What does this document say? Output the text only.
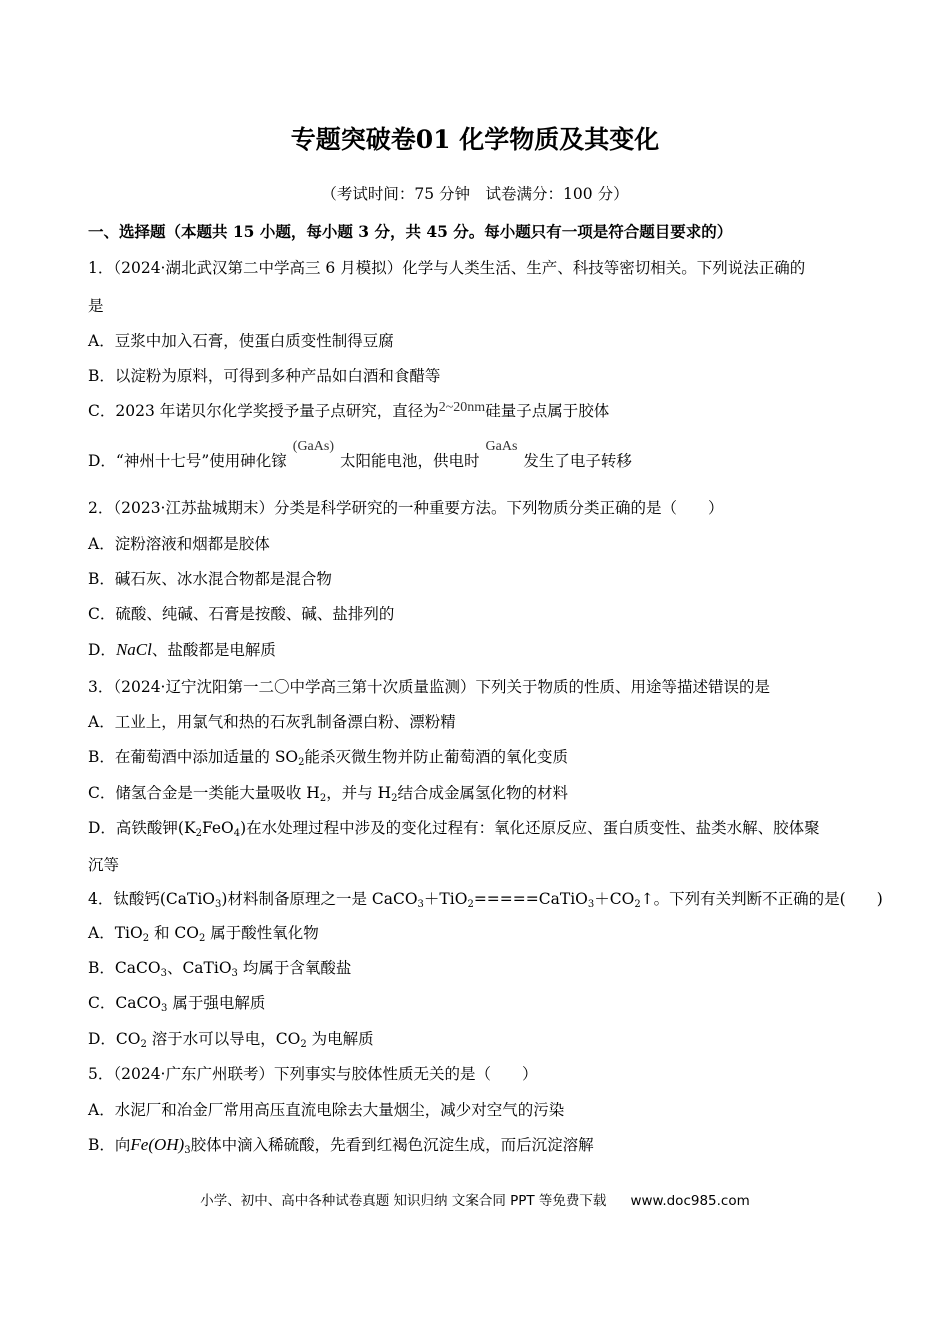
专题突破卷01 化学物质及其变化
（考试时间：75 分钟　试卷满分：100 分）
一、选择题（本题共 15 小题，每小题 3 分，共 45 分。每小题只有一项是符合题目要求的）
1．（2024·湖北武汉第二中学高三 6 月模拟）化学与人类生活、生产、科技等密切相关。下列说法正确的
是
A．豆浆中加入石膏，使蛋白质变性制得豆腐
B．以淀粉为原料，可得到多种产品如白酒和食醋等
C．2023 年诺贝尔化学奖授予量子点研究，直径为2~20nm硅量子点属于胶体
D．“神州十七号”使用砷化镓(GaAs)太阳能电池，供电时GaAs发生了电子转移
2．（2023·江苏盐城期末）分类是科学研究的一种重要方法。下列物质分类正确的是（　　）
A．淀粉溶液和烟都是胶体
B．碱石灰、冰水混合物都是混合物
C．硫酸、纯碱、石膏是按酸、碱、盐排列的
D．NaCl、盐酸都是电解质
3．（2024·辽宁沈阳第一二〇中学高三第十次质量监测）下列关于物质的性质、用途等描述错误的是
A．工业上，用氯气和热的石灰乳制备漂白粉、漂粉精
B．在葡萄酒中添加适量的 $SO_2$能杀灭微生物并防止葡萄酒的氧化变质
C．储氢合金是一类能大量吸收 $H_2$，并与 $H_2$结合成金属氢化物的材料
D．高铁酸钾$(K_2FeO_4)$在水处理过程中涉及的变化过程有：氧化还原反应、蛋白质变性、盐类水解、胶体聚
沉等
4．钛酸钙(CaTiO$_3$)材料制备原理之一是 $CaCO_3+TiO_2=====CaTiO_3+CO_2↑$。下列有关判断不正确的是(　　)
A．TiO$_2$ 和 $CO_2$ 属于酸性氧化物
B．CaCO$_3$、CaTiO$_3$ 均属于含氧酸盐
C．CaCO$_3$ 属于强电解质
D．$CO_2$ 溶于水可以导电，$CO_2$ 为电解质
5．（2024·广东广州联考）下列事实与胶体性质无关的是（　　）
A．水泥厂和冶金厂常用高压直流电除去大量烟尘，减少对空气的污染
B．向$Fe(OH)_3$胶体中滴入稀硫酸，先看到红褐色沉淀生成，而后沉淀溶解
小学、初中、高中各种试卷真题 知识归纳 文案合同 PPT 等免费下载 www.doc985.com
